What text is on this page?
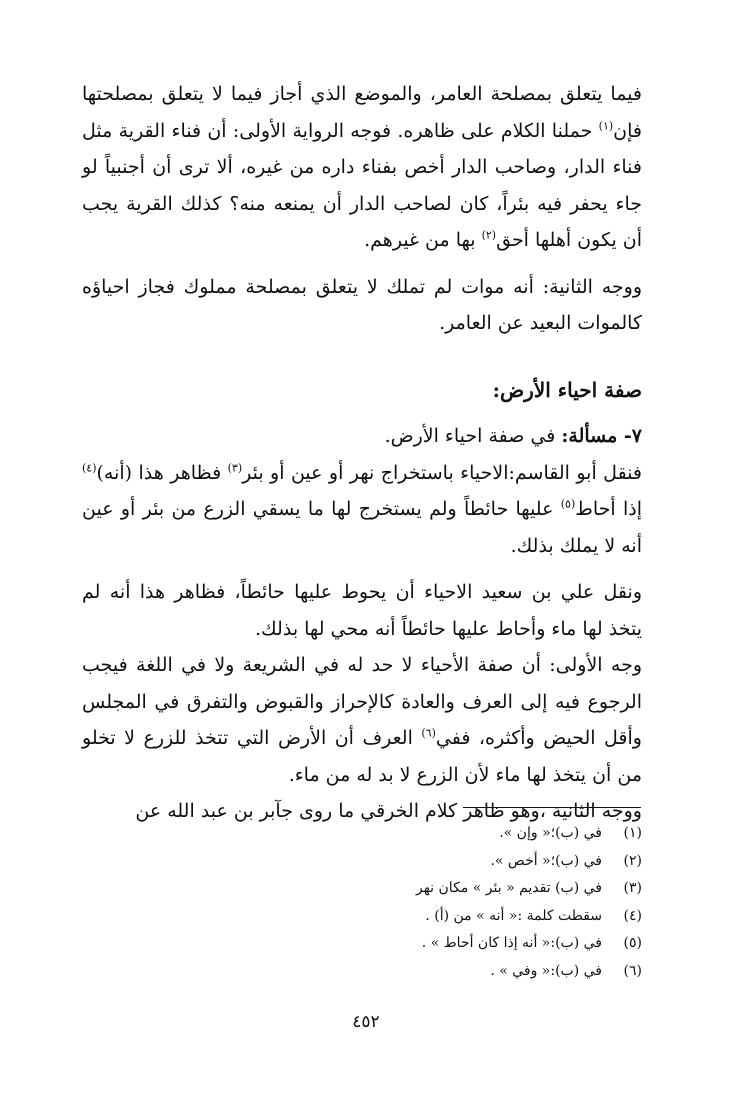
فيما يتعلق بمصلحة العامر، والموضع الذي أجاز فيما لا يتعلق بمصلحتها فإن$^{(١)}$ حملنا الكلام على ظاهره. فوجه الرواية الأولى: أن فناء القرية مثل فناء الدار، وصاحب الدار أخص بفناء داره من غيره، ألا ترى أن أجنبياً لو جاء يحفر فيه بئراً، كان لصاحب الدار أن يمنعه منه؟ كذلك القرية يجب أن يكون أهلها أحق$^{(٢)}$ بها من غيرهم.

ووجه الثانية: أنه موات لم تملك لا يتعلق بمصلحة مملوك فجاز احياؤه كالموات البعيد عن العامر.

صفة احياء الأرض:

٧- مسألة: في صفة احياء الأرض.

فنقل أبو القاسم:الاحياء باستخراج نهر أو عين أو بئر$^{(٣)}$ فظاهر هذا (أنه)$^{(٤)}$ إذا أحاط$^{(٥)}$ عليها حائطاً ولم يستخرج لها ما يسقي الزرع من بئر أو عين أنه لا يملك بذلك.

ونقل علي بن سعيد الاحياء أن يحوط عليها حائطاً، فظاهر هذا أنه لم يتخذ لها ماء وأحاط عليها حائطاً أنه محي لها بذلك.

وجه الأولى: أن صفة الأحياء لا حد له في الشريعة ولا في اللغة فيجب الرجوع فيه إلى العرف والعادة كالإحراز والقبوض والتفرق في المجلس وأقل الحيض وأكثره، ففي$^{(٦)}$ العرف أن الأرض التي تتخذ للزرع لا تخلو من أن يتخذ لها ماء لأن الزرع لا بد له من ماء.

ووجه الثانية ،وهو ظاهر كلام الخرقي ما روى جآبر بن عبد الله عن

(١)
في (ب)؛« وإن ».
(٢)
في (ب)؛« أخص ».
(٣)
في (ب) تقديم « بئر » مكان نهر
(٤)
سقطت كلمة :« أنه » من (أ) .
(٥)
في (ب):« أنه إذا كان أحاط » .
(٦)
في (ب):« وفي » .
٤٥٢
